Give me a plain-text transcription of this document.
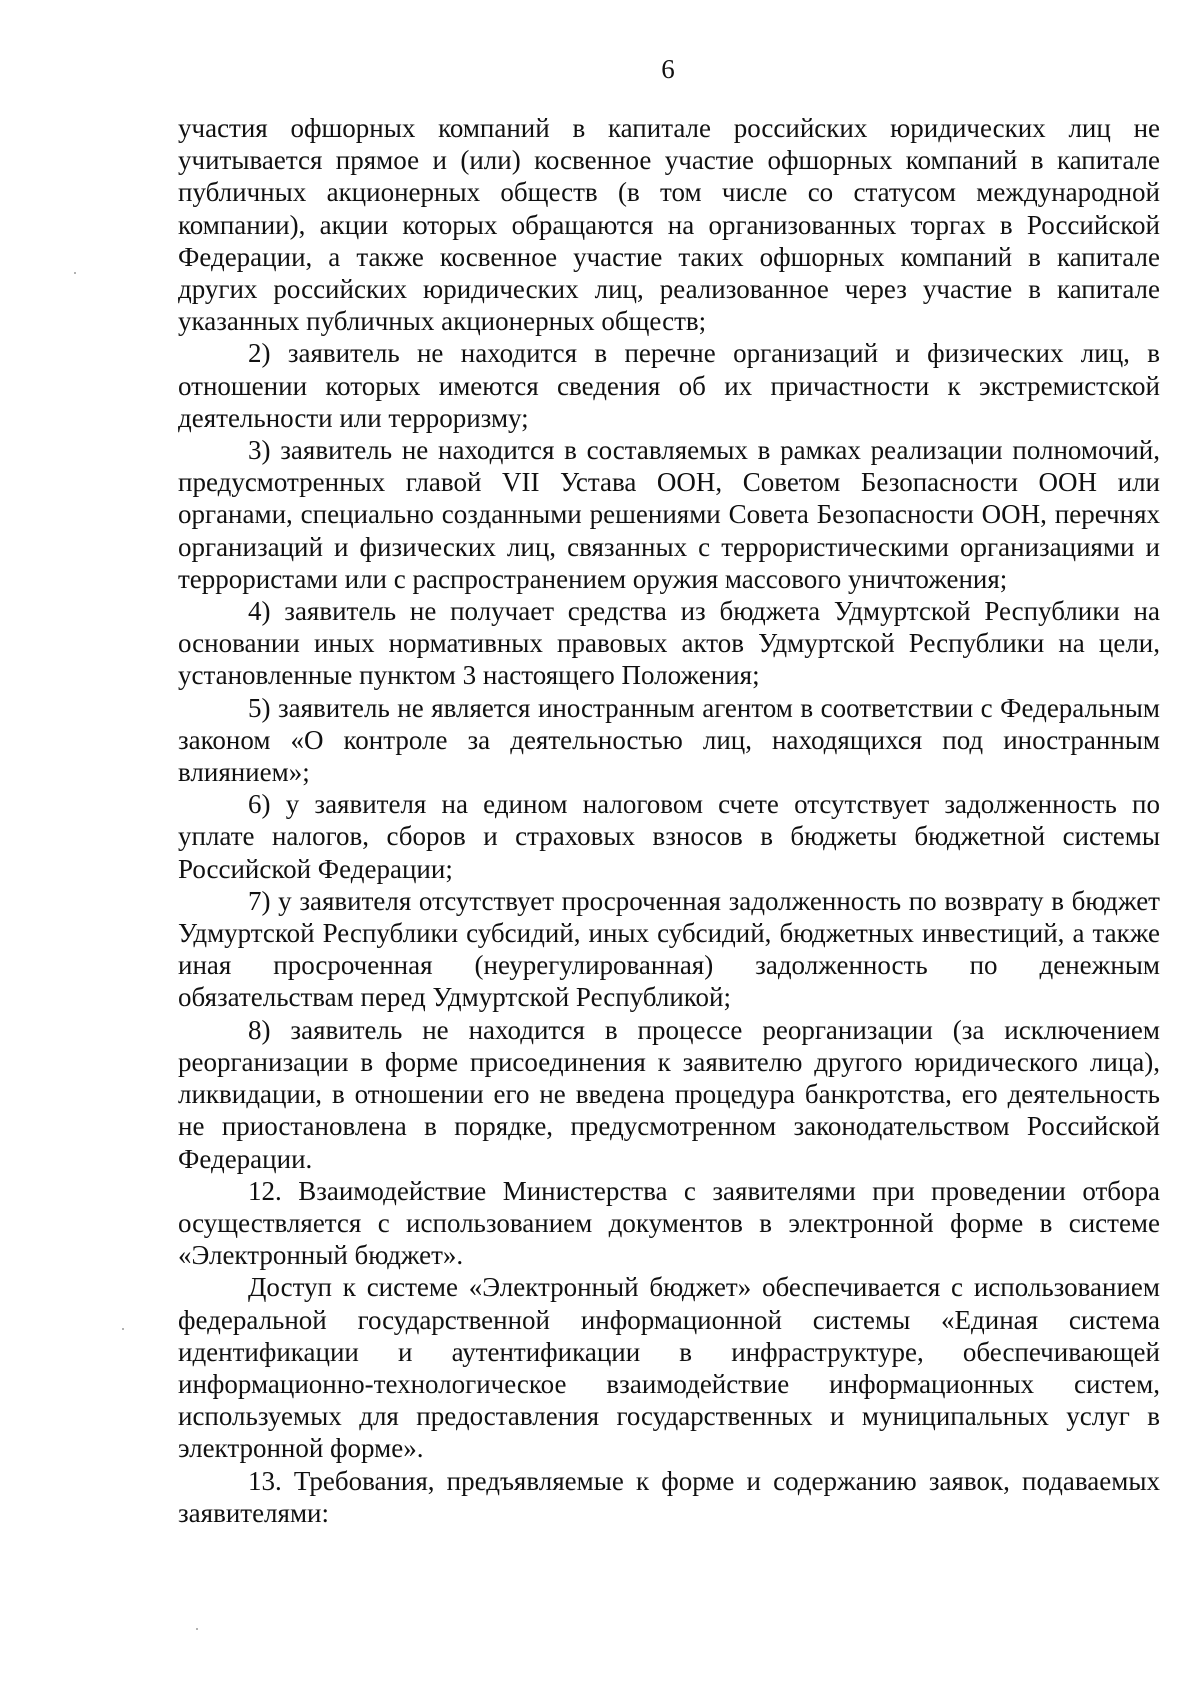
6

участия офшорных компаний в капитале российских юридических лиц не учитывается прямое и (или) косвенное участие офшорных компаний в капитале публичных акционерных обществ (в том числе со статусом международной компании), акции которых обращаются на организованных торгах в Российской Федерации, а также косвенное участие таких офшорных компаний в капитале других российских юридических лиц, реализованное через участие в капитале указанных публичных акционерных обществ;

2) заявитель не находится в перечне организаций и физических лиц, в отношении которых имеются сведения об их причастности к экстремистской деятельности или терроризму;

3) заявитель не находится в составляемых в рамках реализации полномочий, предусмотренных главой VII Устава ООН, Советом Безопасности ООН или органами, специально созданными решениями Совета Безопасности ООН, перечнях организаций и физических лиц, связанных с террористическими организациями и террористами или с распространением оружия массового уничтожения;

4) заявитель не получает средства из бюджета Удмуртской Республики на основании иных нормативных правовых актов Удмуртской Республики на цели, установленные пунктом 3 настоящего Положения;

5) заявитель не является иностранным агентом в соответствии с Федеральным законом «О контроле за деятельностью лиц, находящихся под иностранным влиянием»;

6) у заявителя на едином налоговом счете отсутствует задолженность по уплате налогов, сборов и страховых взносов в бюджеты бюджетной системы Российской Федерации;

7) у заявителя отсутствует просроченная задолженность по возврату в бюджет Удмуртской Республики субсидий, иных субсидий, бюджетных инвестиций, а также иная просроченная (неурегулированная) задолженность по денежным обязательствам перед Удмуртской Республикой;

8) заявитель не находится в процессе реорганизации (за исключением реорганизации в форме присоединения к заявителю другого юридического лица), ликвидации, в отношении его не введена процедура банкротства, его деятельность не приостановлена в порядке, предусмотренном законодательством Российской Федерации.

12. Взаимодействие Министерства с заявителями при проведении отбора осуществляется с использованием документов в электронной форме в системе «Электронный бюджет».

Доступ к системе «Электронный бюджет» обеспечивается с использованием федеральной государственной информационной системы «Единая система идентификации и аутентификации в инфраструктуре, обеспечивающей информационно-технологическое взаимодействие информационных систем, используемых для предоставления государственных и муниципальных услуг в электронной форме».

13. Требования, предъявляемые к форме и содержанию заявок, подаваемых заявителями:
